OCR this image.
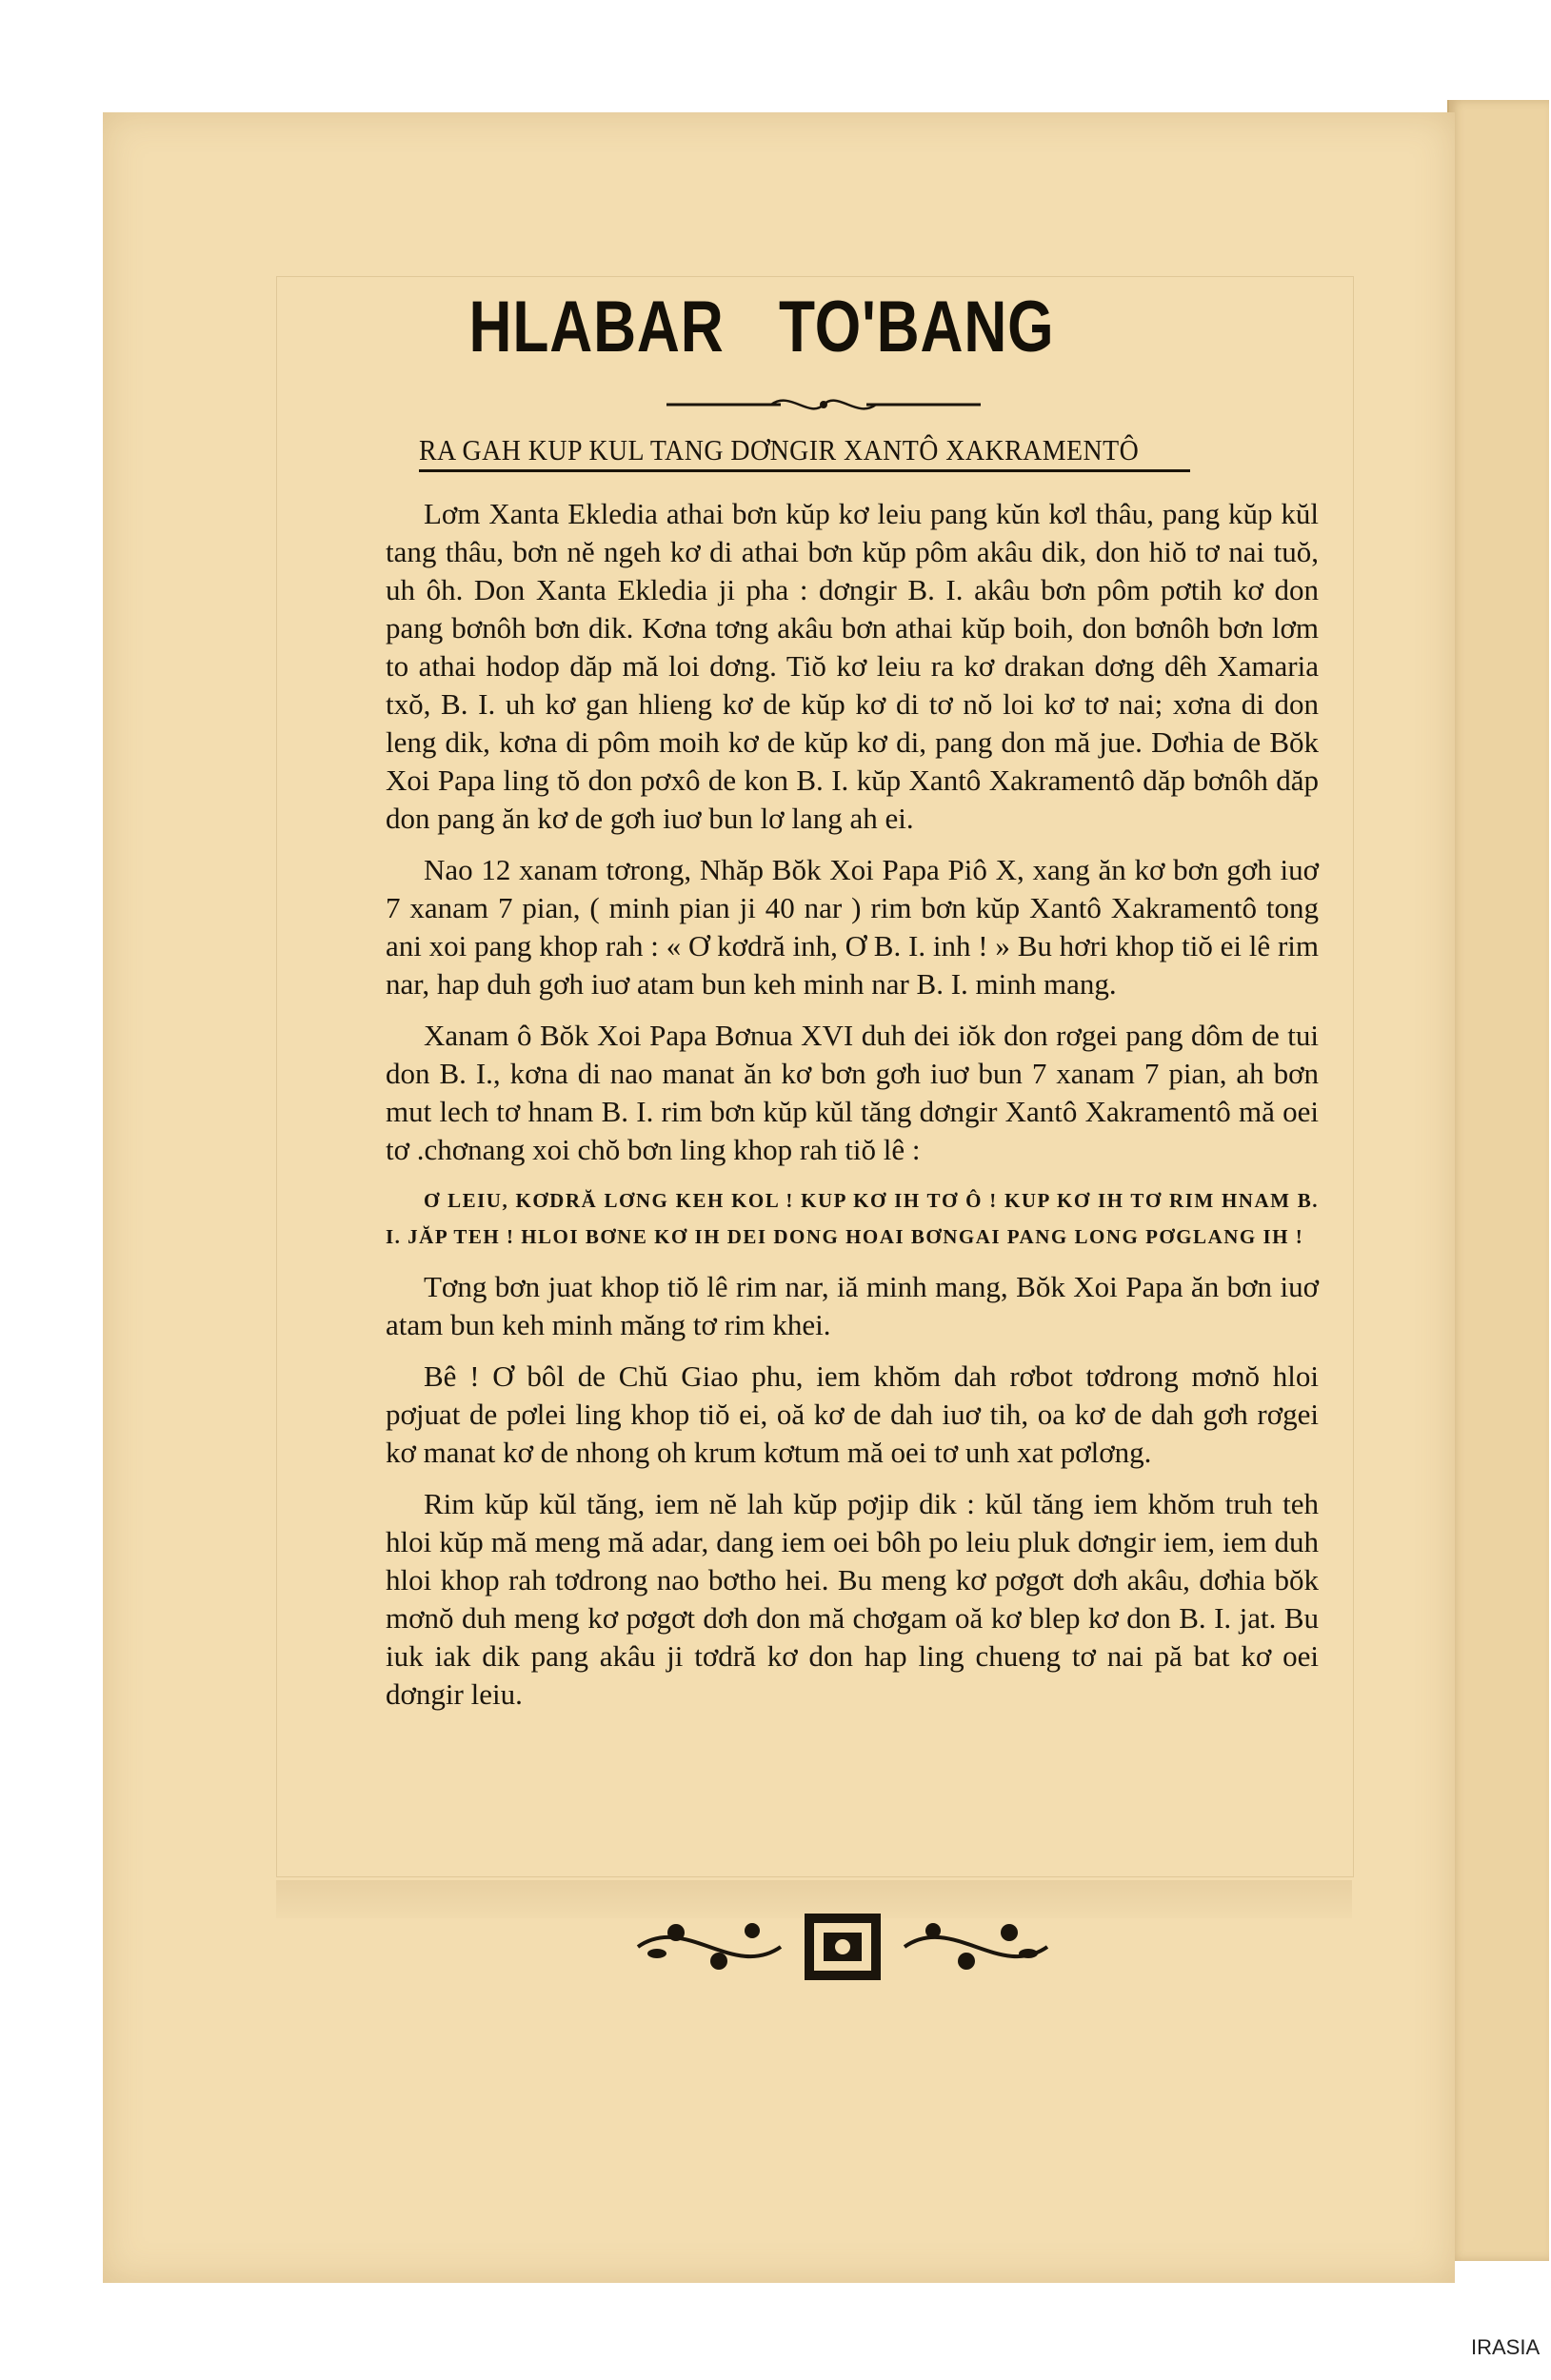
HLABAR TO'BANG
RA GAH KUP KUL TANG DƠNGIR XANTÔ XAKRAMENTÔ

Lơm Xanta Ekledia athai bơn kŭp kơ leiu pang kŭn kơl thâu, pang kŭp kŭl tang thâu, bơn nĕ ngeh kơ di athai bơn kŭp pôm akâu dik, don hiŏ tơ nai tuŏ, uh ôh. Don Xanta Ekledia ji pha : dơngir B. I. akâu bơn pôm pơtih kơ don pang bơnôh bơn dik. Kơna tơng akâu bơn athai kŭp boih, don bơnôh bơn lơm to athai hodop dăp mă loi dơng. Tiŏ kơ leiu ra kơ drakan dơng dêh Xamaria txŏ, B. I. uh kơ gan hlieng kơ de kŭp kơ di tơ nŏ loi kơ tơ nai; xơna di don leng dik, kơna di pôm moih kơ de kŭp kơ di, pang don mă jue. Dơhia de Bŏk Xoi Papa ling tŏ don pơxô de kon B. I. kŭp Xantô Xakramentô dăp bơnôh dăp don pang ăn kơ de gơh iuơ bun lơ lang ah ei.

Nao 12 xanam tơrong, Nhăp Bŏk Xoi Papa Piô X, xang ăn kơ bơn gơh iuơ 7 xanam 7 pian, ( minh pian ji 40 nar ) rim bơn kŭp Xantô Xakramentô tong ani xoi pang khop rah : « Ơ kơdră inh, Ơ B. I. inh ! » Bu hơri khop tiŏ ei lê rim nar, hap duh gơh iuơ atam bun keh minh nar B. I. minh mang.

Xanam ô Bŏk Xoi Papa Bơnua XVI duh dei iŏk don rơgei pang dôm de tui don B. I., kơna di nao manat ăn kơ bơn gơh iuơ bun 7 xanam 7 pian, ah bơn mut lech tơ hnam B. I. rim bơn kŭp kŭl tăng dơngir Xantô Xakramentô mă oei tơ .chơnang xoi chŏ bơn ling khop rah tiŏ lê :

Ơ LEIU, KƠDRĂ LƠNG KEH KOL ! KUP KƠ IH TƠ Ô ! KUP KƠ IH TƠ RIM HNAM B. I. JĂP TEH ! HLOI BƠNE KƠ IH DEI DONG HOAI BƠNGAI PANG LONG PƠGLANG IH !

Tơng bơn juat khop tiŏ lê rim nar, iă minh mang, Bŏk Xoi Papa ăn bơn iuơ atam bun keh minh măng tơ rim khei.

Bê ! Ơ bôl de Chŭ Giao phu, iem khŏm dah rơbot tơdrong mơnŏ hloi pơjuat de pơlei ling khop tiŏ ei, oă kơ de dah iuơ tih, oa kơ de dah gơh rơgei kơ manat kơ de nhong oh krum kơtum mă oei tơ unh xat pơlơng.

Rim kŭp kŭl tăng, iem nĕ lah kŭp pơjip dik : kŭl tăng iem khŏm truh teh hloi kŭp mă meng mă adar, dang iem oei bôh po leiu pluk dơngir iem, iem duh hloi khop rah tơdrong nao bơtho hei. Bu meng kơ pơgơt dơh akâu, dơhia bŏk mơnŏ duh meng kơ pơgơt dơh don mă chơgam oă kơ blep kơ don B. I. jat. Bu iuk iak dik pang akâu ji tơdră kơ don hap ling chueng tơ nai pă bat kơ oei dơngir leiu.

IRASIA
